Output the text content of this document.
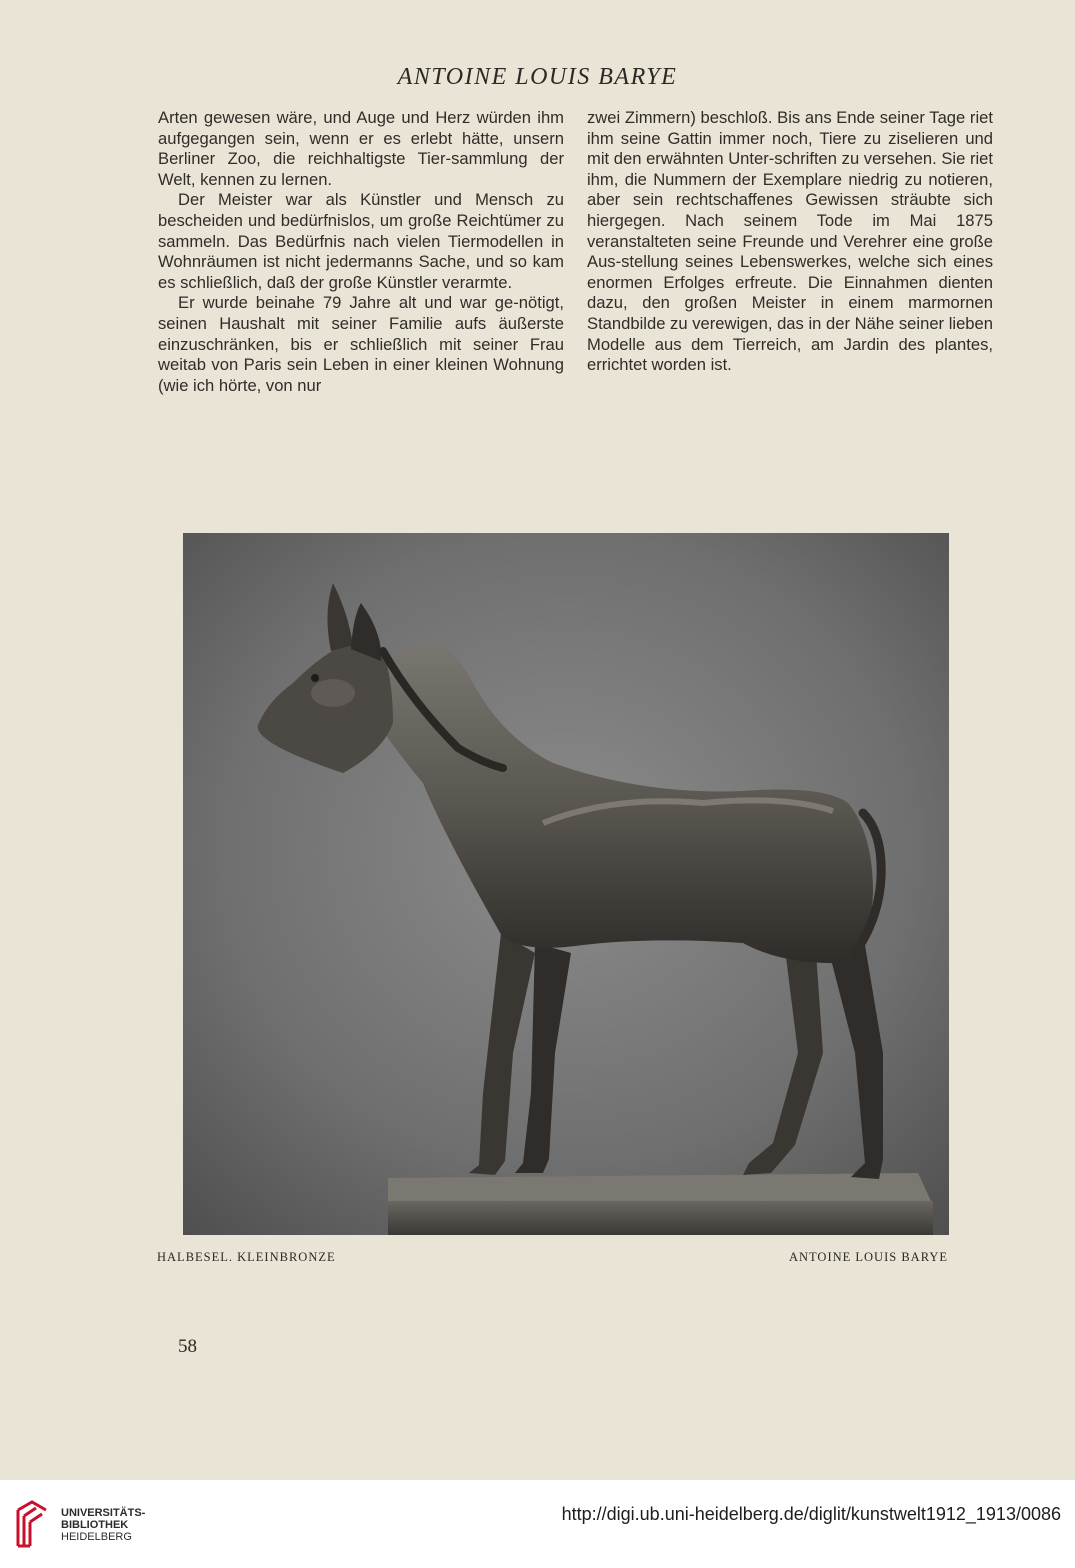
ANTOINE LOUIS BARYE

Arten gewesen wäre, und Auge und Herz würden ihm aufgegangen sein, wenn er es erlebt hätte, unsern Berliner Zoo, die reichhaltigste Tier-sammlung der Welt, kennen zu lernen.

Der Meister war als Künstler und Mensch zu bescheiden und bedürfnislos, um große Reichtümer zu sammeln. Das Bedürfnis nach vielen Tiermodellen in Wohnräumen ist nicht jedermanns Sache, und so kam es schließlich, daß der große Künstler verarmte.

Er wurde beinahe 79 Jahre alt und war ge-nötigt, seinen Haushalt mit seiner Familie aufs äußerste einzuschränken, bis er schließlich mit seiner Frau weitab von Paris sein Leben in einer kleinen Wohnung (wie ich hörte, von nur

zwei Zimmern) beschloß. Bis ans Ende seiner Tage riet ihm seine Gattin immer noch, Tiere zu ziselieren und mit den erwähnten Unter-schriften zu versehen. Sie riet ihm, die Nummern der Exemplare niedrig zu notieren, aber sein rechtschaffenes Gewissen sträubte sich hiergegen. Nach seinem Tode im Mai 1875 veranstalteten seine Freunde und Verehrer eine große Aus-stellung seines Lebenswerkes, welche sich eines enormen Erfolges erfreute. Die Einnahmen dienten dazu, den großen Meister in einem marmornen Standbilde zu verewigen, das in der Nähe seiner lieben Modelle aus dem Tierreich, am Jardin des plantes, errichtet worden ist.

HALBESEL. KLEINBRONZE	ANTOINE LOUIS BARYE
58
UNIVERSITÄTS-
BIBLIOTHEK
HEIDELBERG
http://digi.ub.uni-heidelberg.de/diglit/kunstwelt1912_1913/0086
